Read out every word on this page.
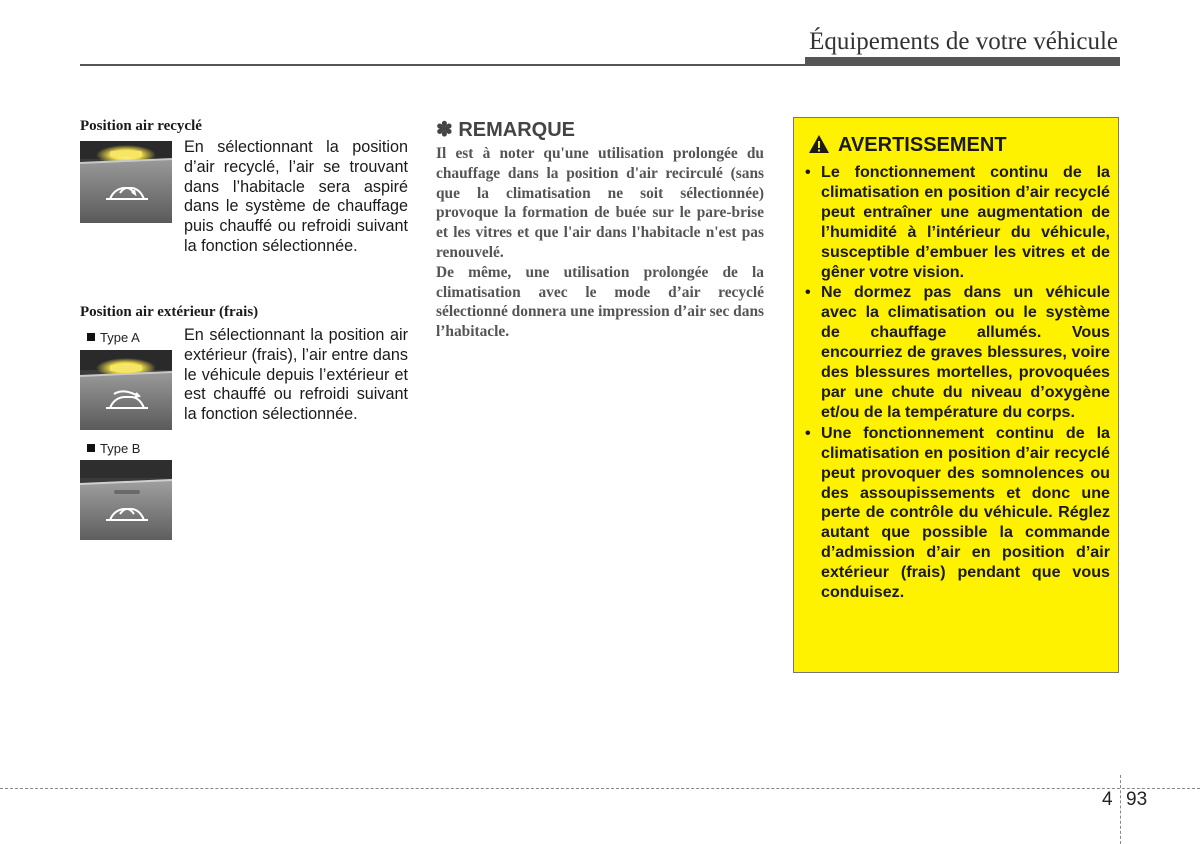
Équipements de votre véhicule
Position air recyclé
En sélectionnant la position d’air recyclé, l’air se trouvant dans l’habitacle sera aspiré dans le système de chauffage puis chauffé ou refroidi suivant la fonction sélectionnée.
Position air extérieur (frais)
Type A	En sélectionnant la position air extérieur (frais), l’air entre dans le véhicule depuis l’extérieur et est chauffé ou refroidi suivant la fonction sélectionnée.
Type B
✽ REMARQUE

Il est à noter qu'une utilisation prolongée du chauffage dans la position d'air recirculé (sans que la climatisation ne soit sélectionnée) provoque la formation de buée sur le pare-brise et les vitres et que l'air dans l'habitacle n'est pas renouvelé.

De même, une utilisation prolongée de la climatisation avec le mode d’air recyclé sélectionné donnera une impression d’air sec dans l’habitacle.

AVERTISSEMENT
• Le fonctionnement continu de la climatisation en position d’air recyclé peut entraîner une augmentation de l’humidité à l’intérieur du véhicule, susceptible d’embuer les vitres et de gêner votre vision.
• Ne dormez pas dans un véhicule avec la climatisation ou le système de chauffage allumés. Vous encourriez de graves blessures, voire des blessures mortelles, provoquées par une chute du niveau d’oxygène et/ou de la température du corps.
• Une fonctionnement continu de la climatisation en position d’air recyclé peut provoquer des somnolences ou des assoupissements et donc une perte de contrôle du véhicule. Réglez autant que possible la commande d’admission d’air en position d’air extérieur (frais) pendant que vous conduisez.
4 93
